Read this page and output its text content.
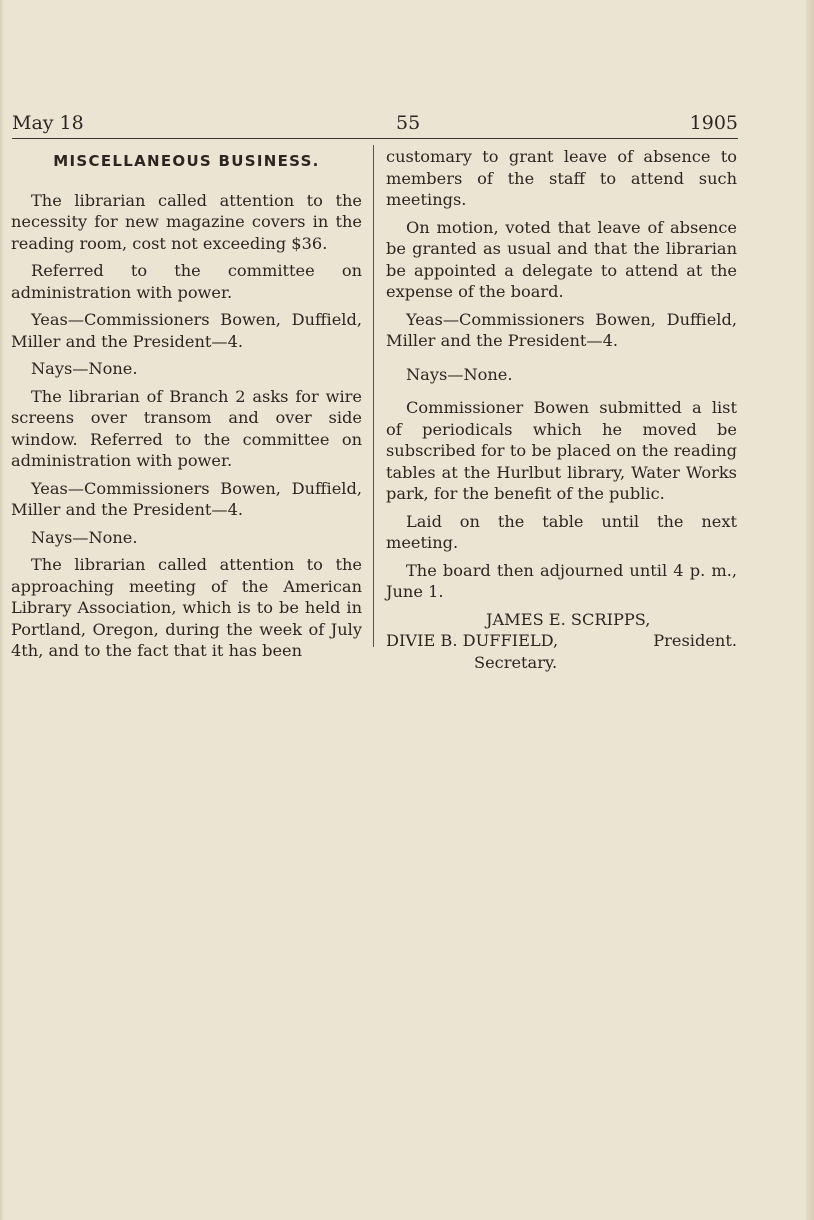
May 18	55	1905
MISCELLANEOUS BUSINESS.

The librarian called attention to the necessity for new magazine covers in the reading room, cost not exceeding $36.

Referred to the committee on administration with power.

Yeas—Commissioners Bowen, Duffield, Miller and the President—4.

Nays—None.

The librarian of Branch 2 asks for wire screens over transom and over side window. Referred to the committee on administration with power.

Yeas—Commissioners Bowen, Duffield, Miller and the President—4.

Nays—None.

The librarian called attention to the approaching meeting of the American Library Association, which is to be held in Portland, Oregon, during the week of July 4th, and to the fact that it has been

customary to grant leave of absence to members of the staff to attend such meetings.

On motion, voted that leave of absence be granted as usual and that the librarian be appointed a delegate to attend at the expense of the board.

Yeas—Commissioners Bowen, Duffield, Miller and the President—4.

Nays—None.

Commissioner Bowen submitted a list of periodicals which he moved be subscribed for to be placed on the reading tables at the Hurlbut library, Water Works park, for the benefit of the public.

Laid on the table until the next meeting.

The board then adjourned until 4 p. m., June 1.

JAMES E. SCRIPPS,
DIVIE B. DUFFIELD,	President.
Secretary.
